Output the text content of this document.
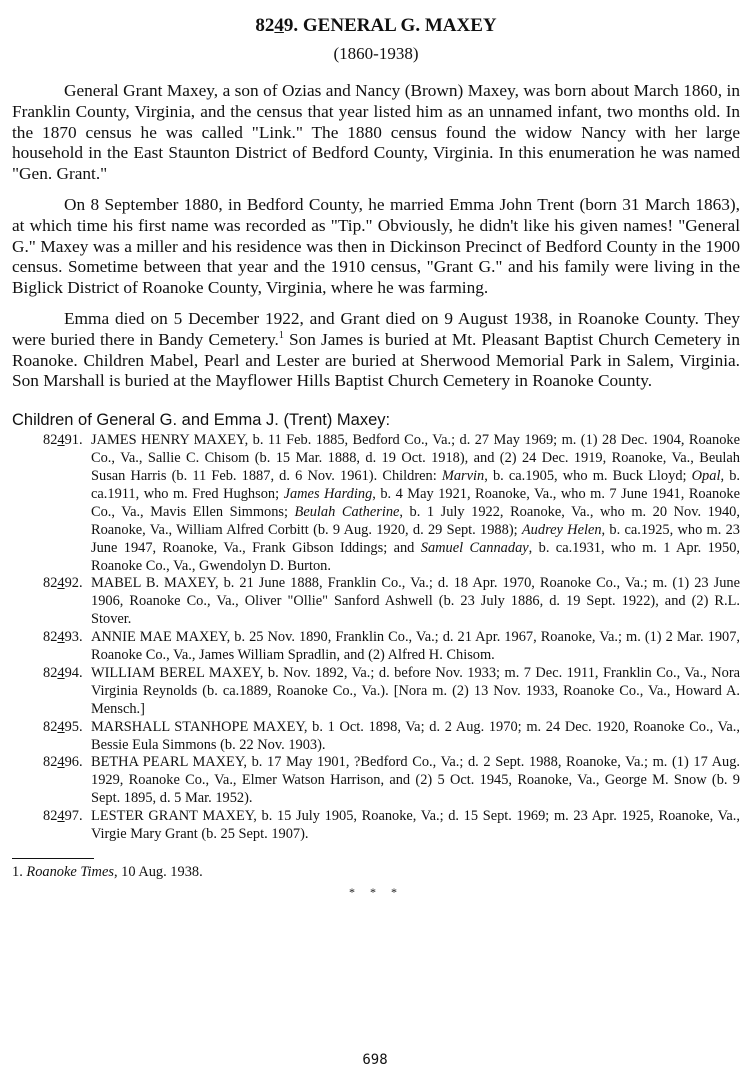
8249. GENERAL G. MAXEY
(1860-1938)

General Grant Maxey, a son of Ozias and Nancy (Brown) Maxey, was born about March 1860, in Franklin County, Virginia, and the census that year listed him as an unnamed infant, two months old. In the 1870 census he was called "Link." The 1880 census found the widow Nancy with her large household in the East Staunton District of Bedford County, Virginia. In this enumeration he was named "Gen. Grant."

On 8 September 1880, in Bedford County, he married Emma John Trent (born 31 March 1863), at which time his first name was recorded as "Tip." Obviously, he didn't like his given names! "General G." Maxey was a miller and his residence was then in Dickinson Precinct of Bedford County in the 1900 census. Sometime between that year and the 1910 census, "Grant G." and his family were living in the Biglick District of Roanoke County, Virginia, where he was farming.

Emma died on 5 December 1922, and Grant died on 9 August 1938, in Roanoke County. They were buried there in Bandy Cemetery.$^1$ Son James is buried at Mt. Pleasant Baptist Church Cemetery in Roanoke. Children Mabel, Pearl and Lester are buried at Sherwood Memorial Park in Salem, Virginia. Son Marshall is buried at the Mayflower Hills Baptist Church Cemetery in Roanoke County.

Children of General G. and Emma J. (Trent) Maxey:
82491. JAMES HENRY MAXEY, b. 11 Feb. 1885, Bedford Co., Va.; d. 27 May 1969; m. (1) 28 Dec. 1904, Roanoke Co., Va., Sallie C. Chisom (b. 15 Mar. 1888, d. 19 Oct. 1918), and (2) 24 Dec. 1919, Roanoke, Va., Beulah Susan Harris (b. 11 Feb. 1887, d. 6 Nov. 1961). Children: Marvin, b. ca.1905, who m. Buck Lloyd; Opal, b. ca.1911, who m. Fred Hughson; James Harding, b. 4 May 1921, Roanoke, Va., who m. 7 June 1941, Roanoke Co., Va., Mavis Ellen Simmons; Beulah Catherine, b. 1 July 1922, Roanoke, Va., who m. 20 Nov. 1940, Roanoke, Va., William Alfred Corbitt (b. 9 Aug. 1920, d. 29 Sept. 1988); Audrey Helen, b. ca.1925, who m. 23 June 1947, Roanoke, Va., Frank Gibson Iddings; and Samuel Cannaday, b. ca.1931, who m. 1 Apr. 1950, Roanoke Co., Va., Gwendolyn D. Burton.
82492. MABEL B. MAXEY, b. 21 June 1888, Franklin Co., Va.; d. 18 Apr. 1970, Roanoke Co., Va.; m. (1) 23 June 1906, Roanoke Co., Va., Oliver "Ollie" Sanford Ashwell (b. 23 July 1886, d. 19 Sept. 1922), and (2) R.L. Stover.
82493. ANNIE MAE MAXEY, b. 25 Nov. 1890, Franklin Co., Va.; d. 21 Apr. 1967, Roanoke, Va.; m. (1) 2 Mar. 1907, Roanoke Co., Va., James William Spradlin, and (2) Alfred H. Chisom.
82494. WILLIAM BEREL MAXEY, b. Nov. 1892, Va.; d. before Nov. 1933; m. 7 Dec. 1911, Franklin Co., Va., Nora Virginia Reynolds (b. ca.1889, Roanoke Co., Va.). [Nora m. (2) 13 Nov. 1933, Roanoke Co., Va., Howard A. Mensch.]
82495. MARSHALL STANHOPE MAXEY, b. 1 Oct. 1898, Va; d. 2 Aug. 1970; m. 24 Dec. 1920, Roanoke Co., Va., Bessie Eula Simmons (b. 22 Nov. 1903).
82496. BETHA PEARL MAXEY, b. 17 May 1901, ?Bedford Co., Va.; d. 2 Sept. 1988, Roanoke, Va.; m. (1) 17 Aug. 1929, Roanoke Co., Va., Elmer Watson Harrison, and (2) 5 Oct. 1945, Roanoke, Va., George M. Snow (b. 9 Sept. 1895, d. 5 Mar. 1952).
82497. LESTER GRANT MAXEY, b. 15 July 1905, Roanoke, Va.; d. 15 Sept. 1969; m. 23 Apr. 1925, Roanoke, Va., Virgie Mary Grant (b. 25 Sept. 1907).

1. Roanoke Times, 10 Aug. 1938.

* * *
698
